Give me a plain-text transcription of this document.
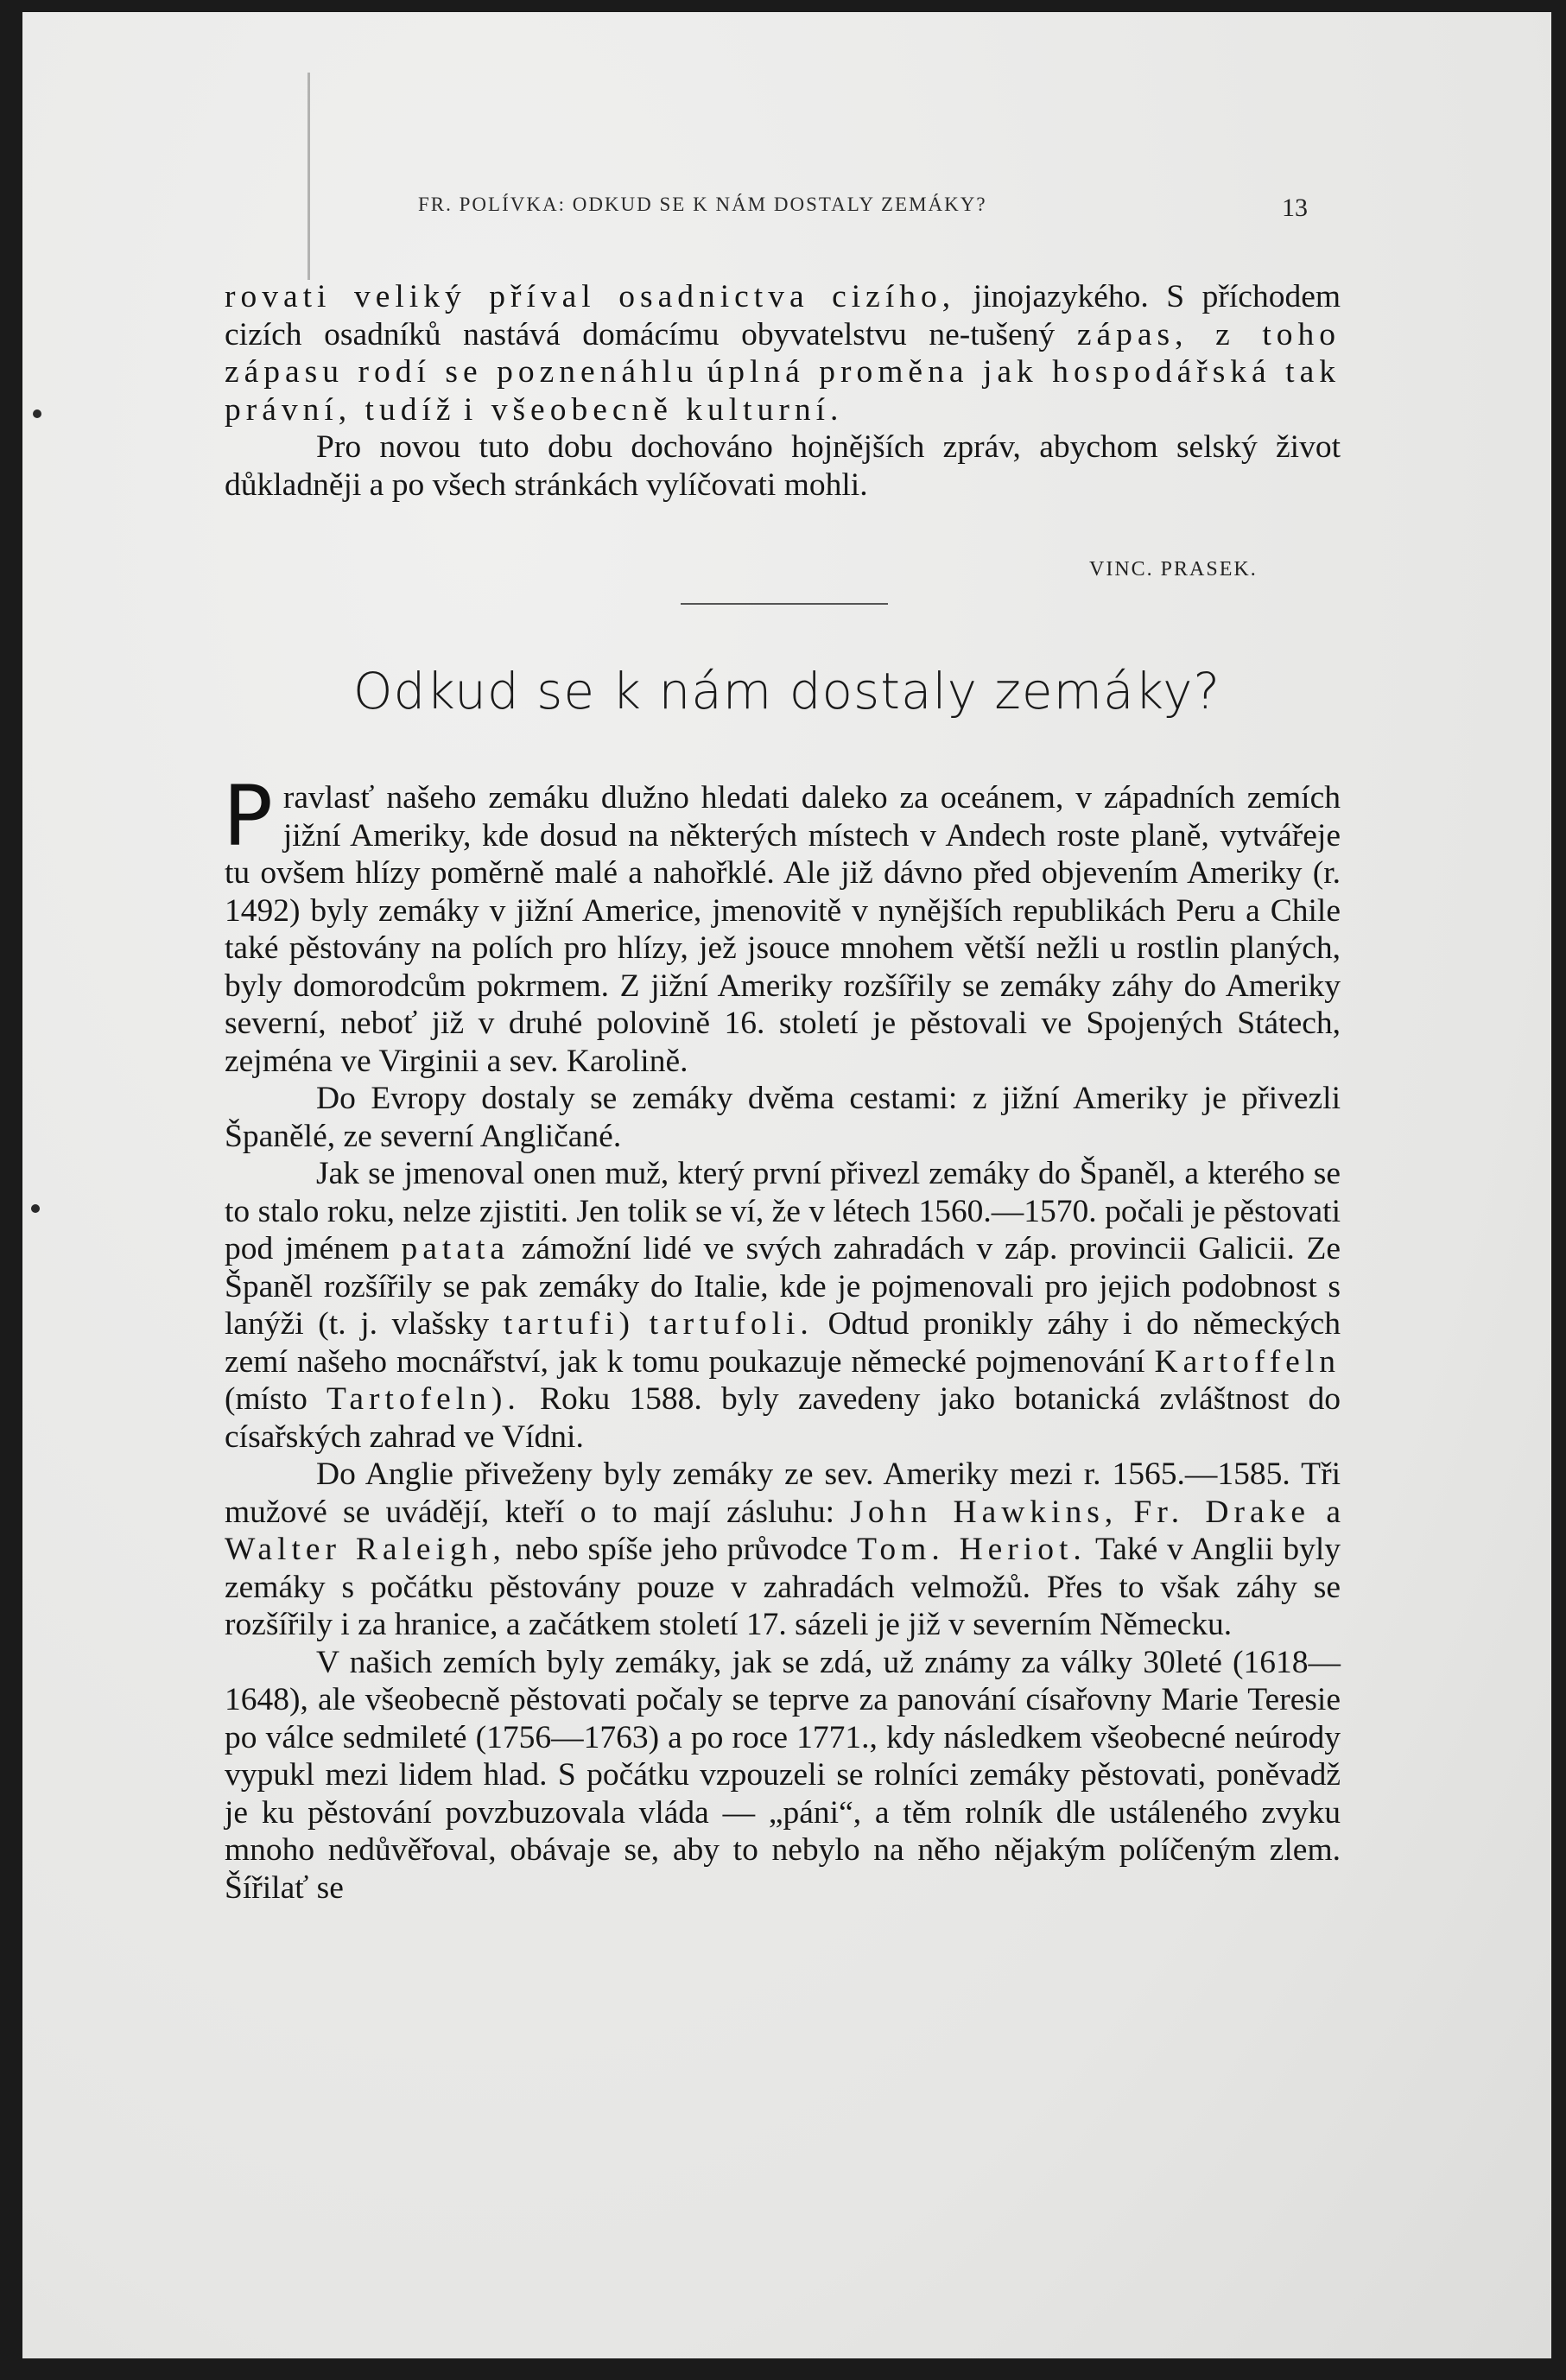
FR. POLÍVKA: ODKUD SE K NÁM DOSTALY ZEMÁKY?	13

rovati veliký příval osadnictva cizího, jinojazykého. S příchodem cizích osadníků nastává domácímu obyvatelstvu ne-tušený zápas, z toho zápasu rodí se poznenáhlu úplná proměna jak hospodářská tak právní, tudíž i všeobecně kulturní.

Pro novou tuto dobu dochováno hojnějších zpráv, abychom selský život důkladněji a po všech stránkách vylíčovati mohli.

VINC. PRASEK.
Odkud se k nám dostaly zemáky?

Pravlasť našeho zemáku dlužno hledati daleko za oceánem, v západních zemích jižní Ameriky, kde dosud na některých místech v Andech roste planě, vytvářeje tu ovšem hlízy poměrně malé a nahořklé. Ale již dávno před objevením Ameriky (r. 1492) byly zemáky v jižní Americe, jmenovitě v nynějších republikách Peru a Chile také pěstovány na polích pro hlízy, jež jsouce mnohem větší nežli u rostlin planých, byly domorodcům pokrmem. Z jižní Ameriky rozšířily se zemáky záhy do Ameriky severní, neboť již v druhé polovině 16. století je pěstovali ve Spojených Státech, zejména ve Virginii a sev. Karolině.

Do Evropy dostaly se zemáky dvěma cestami: z jižní Ameriky je přivezli Španělé, ze severní Angličané.

Jak se jmenoval onen muž, který první přivezl zemáky do Španěl, a kterého se to stalo roku, nelze zjistiti. Jen tolik se ví, že v létech 1560.—1570. počali je pěstovati pod jménem patata zámožní lidé ve svých zahradách v záp. provincii Galicii. Ze Španěl rozšířily se pak zemáky do Italie, kde je pojmenovali pro jejich podobnost s lanýži (t. j. vlašsky tartufi) tartufoli. Odtud pronikly záhy i do německých zemí našeho mocnářství, jak k tomu poukazuje německé pojmenování Kartoffeln (místo Tartofeln). Roku 1588. byly zavedeny jako botanická zvláštnost do císařských zahrad ve Vídni.

Do Anglie přiveženy byly zemáky ze sev. Ameriky mezi r. 1565.—1585. Tři mužové se uvádějí, kteří o to mají zásluhu: John Hawkins, Fr. Drake a Walter Raleigh, nebo spíše jeho průvodce Tom. Heriot. Také v Anglii byly zemáky s počátku pěstovány pouze v zahradách velmožů. Přes to však záhy se rozšířily i za hranice, a začátkem století 17. sázeli je již v severním Německu.

V našich zemích byly zemáky, jak se zdá, už známy za války 30leté (1618—1648), ale všeobecně pěstovati počaly se teprve za panování císařovny Marie Teresie po válce sedmileté (1756—1763) a po roce 1771., kdy následkem všeobecné neúrody vypukl mezi lidem hlad. S počátku vzpouzeli se rolníci zemáky pěstovati, poněvadž je ku pěstování povzbuzovala vláda — „páni“, a těm rolník dle ustáleného zvyku mnoho nedůvěřoval, obávaje se, aby to nebylo na něho nějakým políčeným zlem. Šířilať se
